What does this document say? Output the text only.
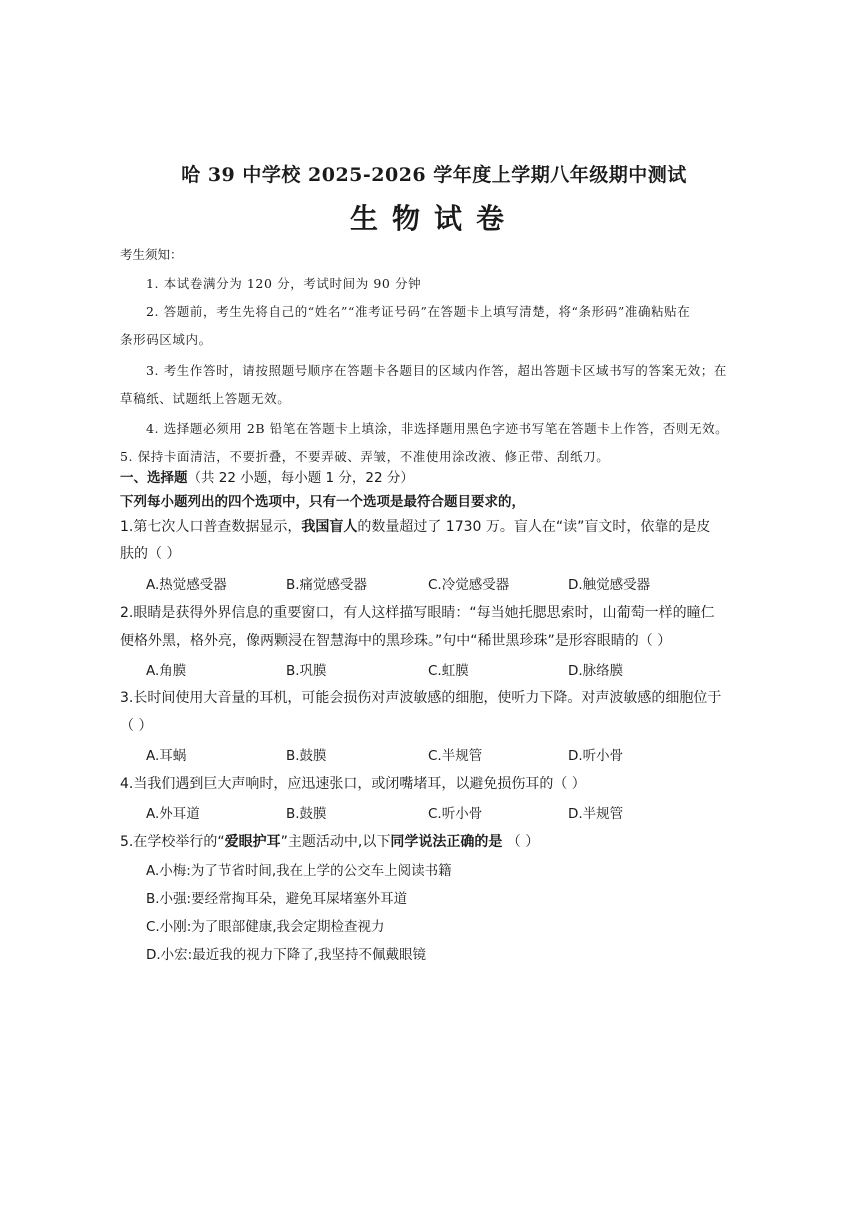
哈 39 中学校 2025-2026 学年度上学期八年级期中测试
生物试卷
考生须知：
1. 本试卷满分为 120 分，考试时间为 90 分钟
2. 答题前，考生先将自己的“姓名”“准考证号码”在答题卡上填写清楚，将“条形码”准确粘贴在
条形码区域内。
3. 考生作答时，请按照题号顺序在答题卡各题目的区域内作答，超出答题卡区域书写的答案无效；在
草稿纸、试题纸上答题无效。
4. 选择题必须用 2B 铅笔在答题卡上填涂，非选择题用黑色字迹书写笔在答题卡上作答，否则无效。
5. 保持卡面清洁，不要折叠，不要弄破、弄皱，不准使用涂改液、修正带、刮纸刀。
一、选择题（共 22 小题，每小题 1 分，22 分）
下列每小题列出的四个选项中，只有一个选项是最符合题目要求的，
1.第七次人口普查数据显示，我国盲人的数量超过了 1730 万。盲人在“读”盲文时，依靠的是皮
肤的（ ）
A.热觉感受器	B.痛觉感受器	C.冷觉感受器	D.触觉感受器
2.眼睛是获得外界信息的重要窗口，有人这样描写眼睛：“每当她托腮思索时，山葡萄一样的瞳仁
便格外黑，格外亮，像两颗浸在智慧海中的黑珍珠。”句中“稀世黑珍珠”是形容眼睛的（ ）
A.角膜	B.巩膜	C.虹膜	D.脉络膜
3.长时间使用大音量的耳机，可能会损伤对声波敏感的细胞，使听力下降。对声波敏感的细胞位于
（ ）
A.耳蜗	B.鼓膜	C.半规管	D.听小骨
4.当我们遇到巨大声响时，应迅速张口，或闭嘴堵耳，以避免损伤耳的（ ）
A.外耳道	B.鼓膜	C.听小骨	D.半规管
5.在学校举行的“爱眼护耳”主题活动中,以下同学说法正确的是 （ ）
A.小梅:为了节省时间,我在上学的公交车上阅读书籍
B.小强:要经常掏耳朵，避免耳屎堵塞外耳道
C.小刚:为了眼部健康,我会定期检查视力
D.小宏:最近我的视力下降了,我坚持不佩戴眼镜
